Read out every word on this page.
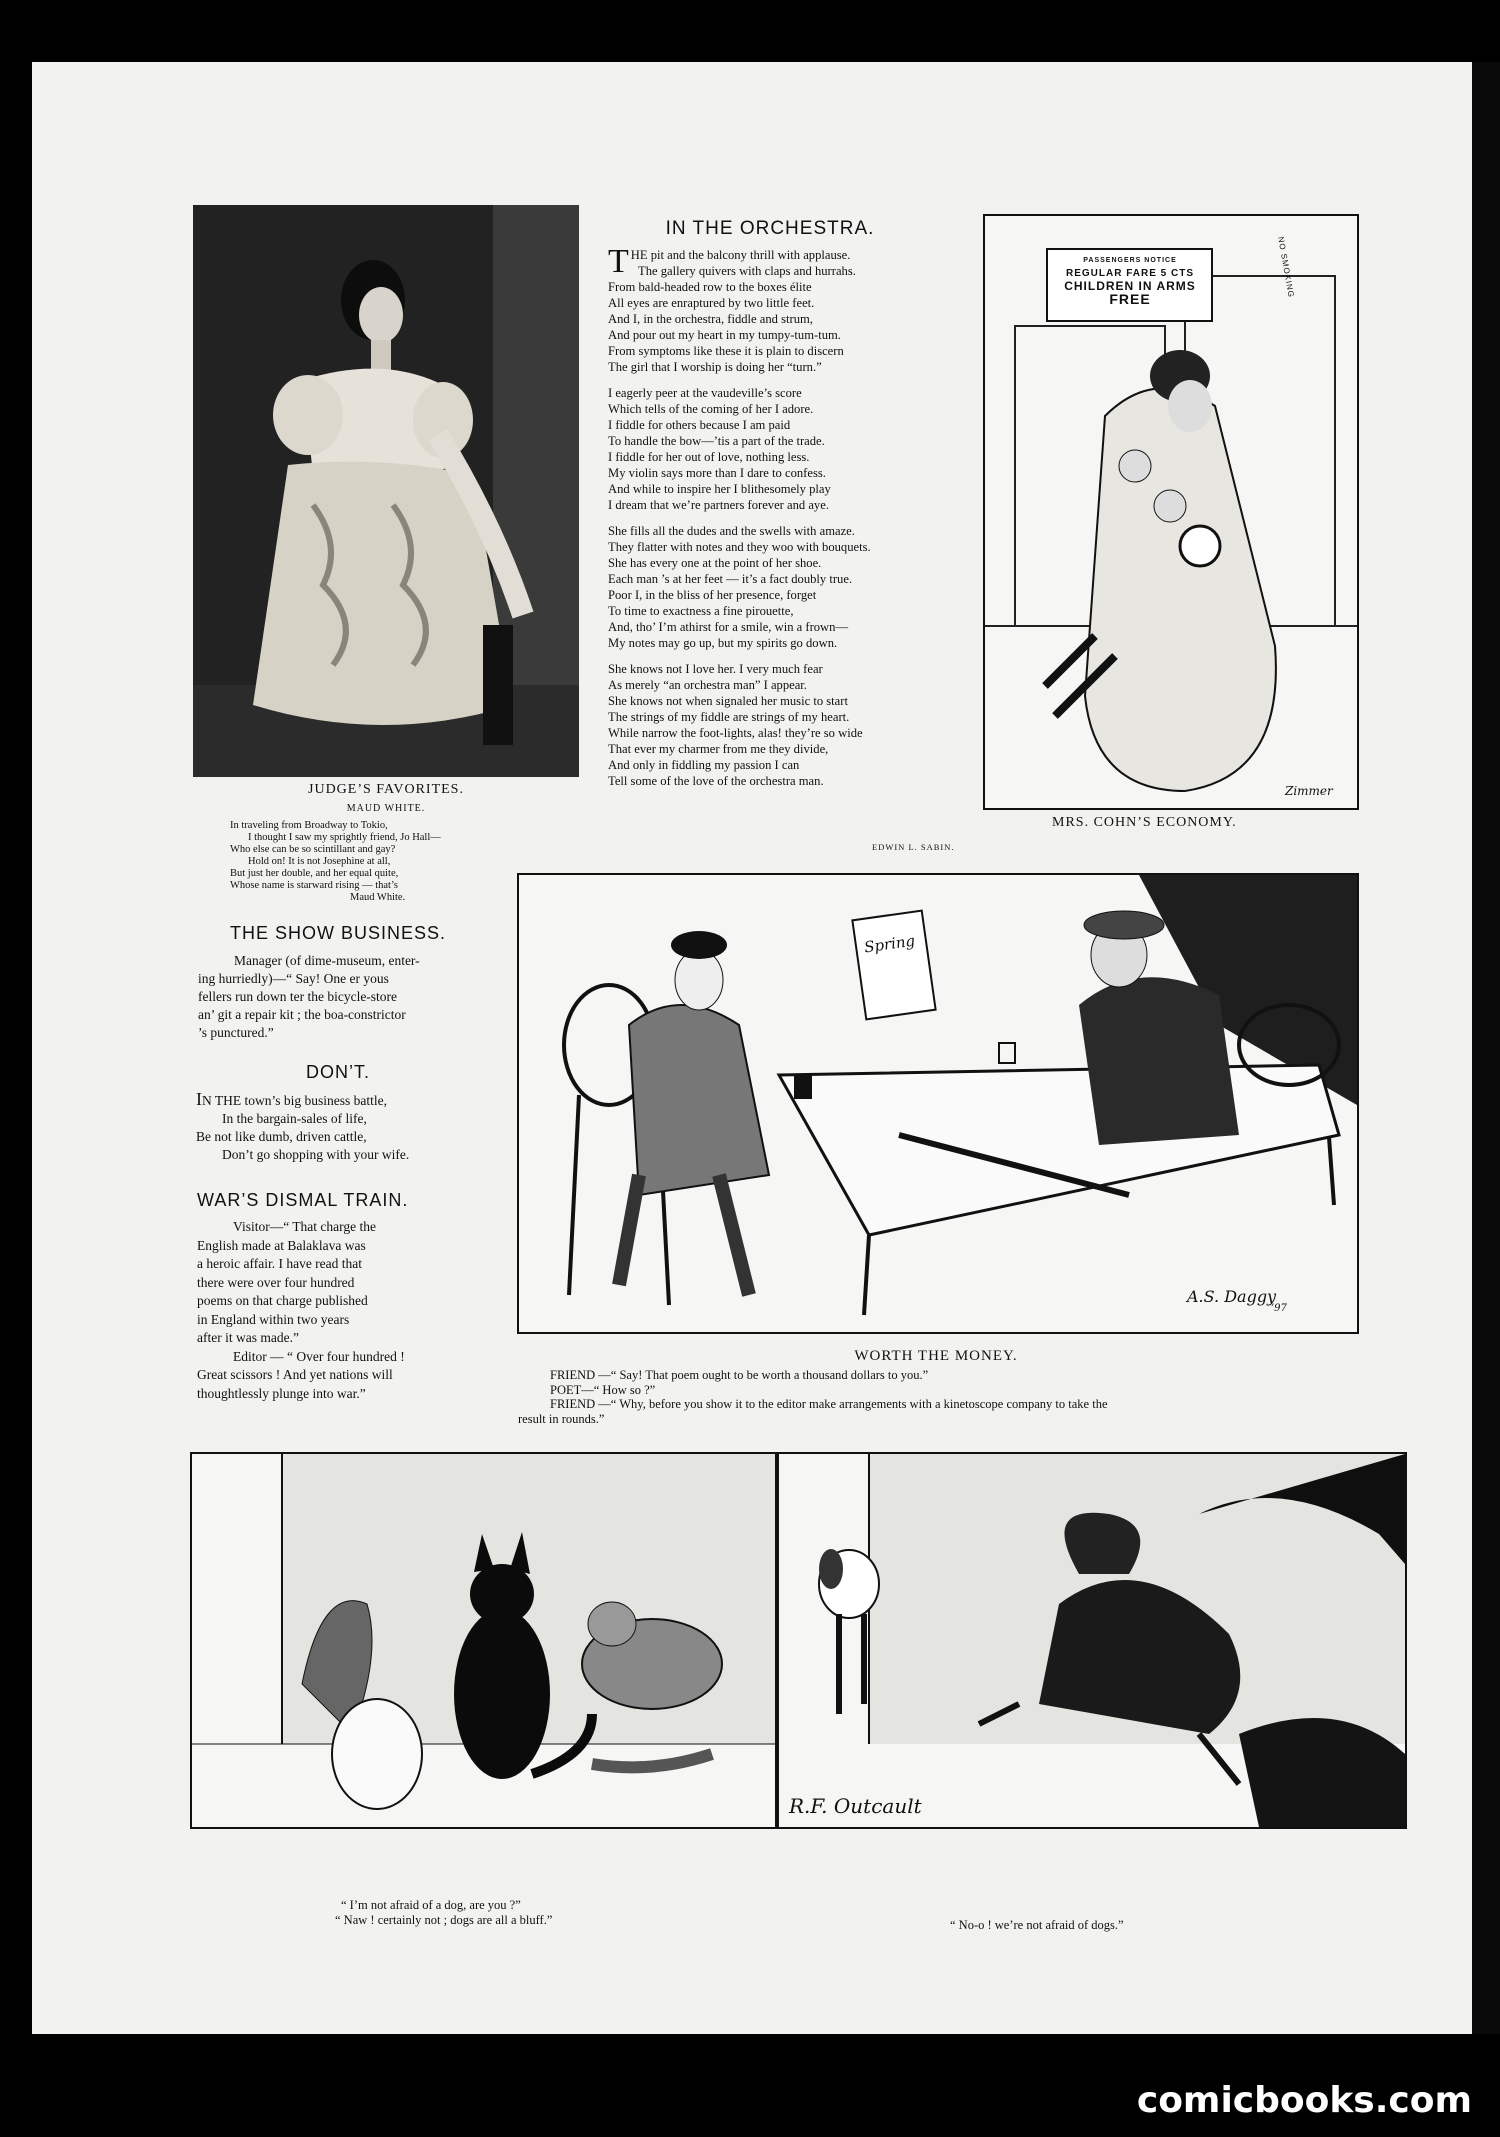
JUDGE’S FAVORITES.
MAUD WHITE.
In traveling from Broadway to Tokio,
I thought I saw my sprightly friend, Jo Hall—
Who else can be so scintillant and gay?
Hold on! It is not Josephine at all,
But just her double, and her equal quite,
Whose name is starward rising — that’s
Maud White.
IN THE ORCHESTRA.
THE pit and the balcony thrill with applause.
The gallery quivers with claps and hurrahs.
From bald-headed row to the boxes élite
All eyes are enraptured by two little feet.
And I, in the orchestra, fiddle and strum,
And pour out my heart in my tumpy-tum-tum.
From symptoms like these it is plain to discern
The girl that I worship is doing her “turn.”
I eagerly peer at the vaudeville’s score
Which tells of the coming of her I adore.
I fiddle for others because I am paid
To handle the bow—’tis a part of the trade.
I fiddle for her out of love, nothing less.
My violin says more than I dare to confess.
And while to inspire her I blithesomely play
I dream that we’re partners forever and aye.
She fills all the dudes and the swells with amaze.
They flatter with notes and they woo with bouquets.
She has every one at the point of her shoe.
Each man ’s at her feet — it’s a fact doubly true.
Poor I, in the bliss of her presence, forget
To time to exactness a fine pirouette,
And, tho’ I’m athirst for a smile, win a frown—
My notes may go up, but my spirits go down.
She knows not I love her. I very much fear
As merely “an orchestra man” I appear.
She knows not when signaled her music to start
The strings of my fiddle are strings of my heart.
While narrow the foot-lights, alas! they’re so wide
That ever my charmer from me they divide,
And only in fiddling my passion I can
Tell some of the love of the orchestra man.
EDWIN L. SABIN.
PASSENGERS NOTICE
REGULAR FARE 5 CTS
CHILDREN IN ARMS
FREE
NO SMOKING
Zimmer
MRS. COHN’S ECONOMY.
THE SHOW BUSINESS.
Manager (of dime-museum, enter-
ing hurriedly)—“ Say! One er yous
fellers run down ter the bicycle-store
an’ git a repair kit ; the boa-constrictor
’s punctured.”
DON’T.
IN THE town’s big business battle,
In the bargain-sales of life,
Be not like dumb, driven cattle,
Don’t go shopping with your wife.
WAR’S DISMAL TRAIN.
Visitor—“ That charge the
English made at Balaklava was
a heroic affair. I have read that
there were over four hundred
poems on that charge published
in England within two years
after it was made.”
Editor — “ Over four hundred !
Great scissors ! And yet nations will
thoughtlessly plunge into war.”
Spring
A.S. Daggy
’97
WORTH THE MONEY.
FRIEND —“ Say! That poem ought to be worth a thousand dollars to you.”
POET—“ How so ?”
FRIEND —“ Why, before you show it to the editor make arrangements with a kinetoscope company to take the
result in rounds.”
R.F. Outcault
“ I’m not afraid of a dog, are you ?”
“ Naw ! certainly not ; dogs are all a bluff.”	“ No-o ! we’re not afraid of dogs.”
comicbooks.com
